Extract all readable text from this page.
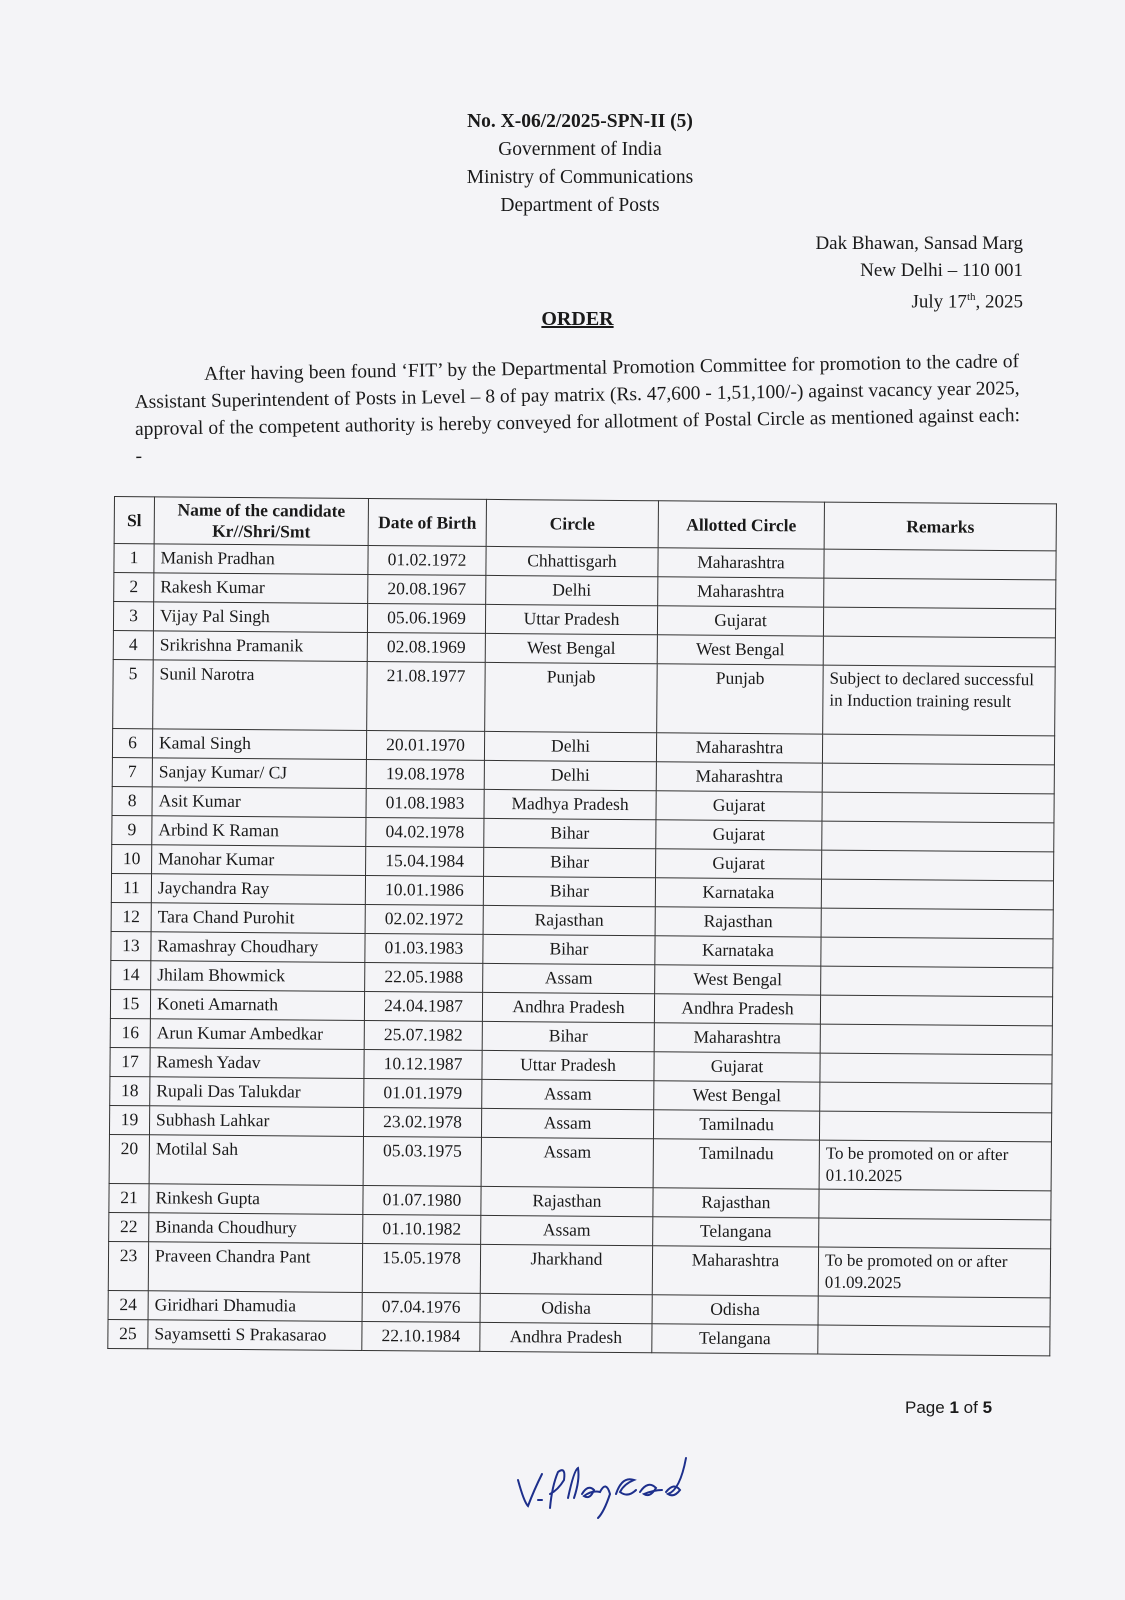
No. X-06/2/2025-SPN-II (5)
Government of India
Ministry of Communications
Department of Posts
Dak Bhawan, Sansad Marg
New Delhi – 110 001
July 17th, 2025
ORDER
After having been found ‘FIT’ by the Departmental Promotion Committee for promotion to the cadre of Assistant Superintendent of Posts in Level – 8 of pay matrix (Rs. 47,600 - 1,51,100/-) against vacancy year 2025, approval of the competent authority is hereby conveyed for allotment of Postal Circle as mentioned against each: -
Sl	Name of the candidate Kr//Shri/Smt	Date of Birth	Circle	Allotted Circle	Remarks
1	Manish Pradhan	01.02.1972	Chhattisgarh	Maharashtra	
2	Rakesh Kumar	20.08.1967	Delhi	Maharashtra	
3	Vijay Pal Singh	05.06.1969	Uttar Pradesh	Gujarat	
4	Srikrishna Pramanik	02.08.1969	West Bengal	West Bengal	
5	Sunil Narotra	21.08.1977	Punjab	Punjab	Subject to declared successful in Induction training result
6	Kamal Singh	20.01.1970	Delhi	Maharashtra	
7	Sanjay Kumar/ CJ	19.08.1978	Delhi	Maharashtra	
8	Asit Kumar	01.08.1983	Madhya Pradesh	Gujarat	
9	Arbind K Raman	04.02.1978	Bihar	Gujarat	
10	Manohar Kumar	15.04.1984	Bihar	Gujarat	
11	Jaychandra Ray	10.01.1986	Bihar	Karnataka	
12	Tara Chand Purohit	02.02.1972	Rajasthan	Rajasthan	
13	Ramashray Choudhary	01.03.1983	Bihar	Karnataka	
14	Jhilam Bhowmick	22.05.1988	Assam	West Bengal	
15	Koneti Amarnath	24.04.1987	Andhra Pradesh	Andhra Pradesh	
16	Arun Kumar Ambedkar	25.07.1982	Bihar	Maharashtra	
17	Ramesh Yadav	10.12.1987	Uttar Pradesh	Gujarat	
18	Rupali Das Talukdar	01.01.1979	Assam	West Bengal	
19	Subhash Lahkar	23.02.1978	Assam	Tamilnadu	
20	Motilal Sah	05.03.1975	Assam	Tamilnadu	To be promoted on or after 01.10.2025
21	Rinkesh Gupta	01.07.1980	Rajasthan	Rajasthan	
22	Binanda Choudhury	01.10.1982	Assam	Telangana	
23	Praveen Chandra Pant	15.05.1978	Jharkhand	Maharashtra	To be promoted on or after 01.09.2025
24	Giridhari Dhamudia	07.04.1976	Odisha	Odisha	
25	Sayamsetti S Prakasarao	22.10.1984	Andhra Pradesh	Telangana	
Page 1 of 5
